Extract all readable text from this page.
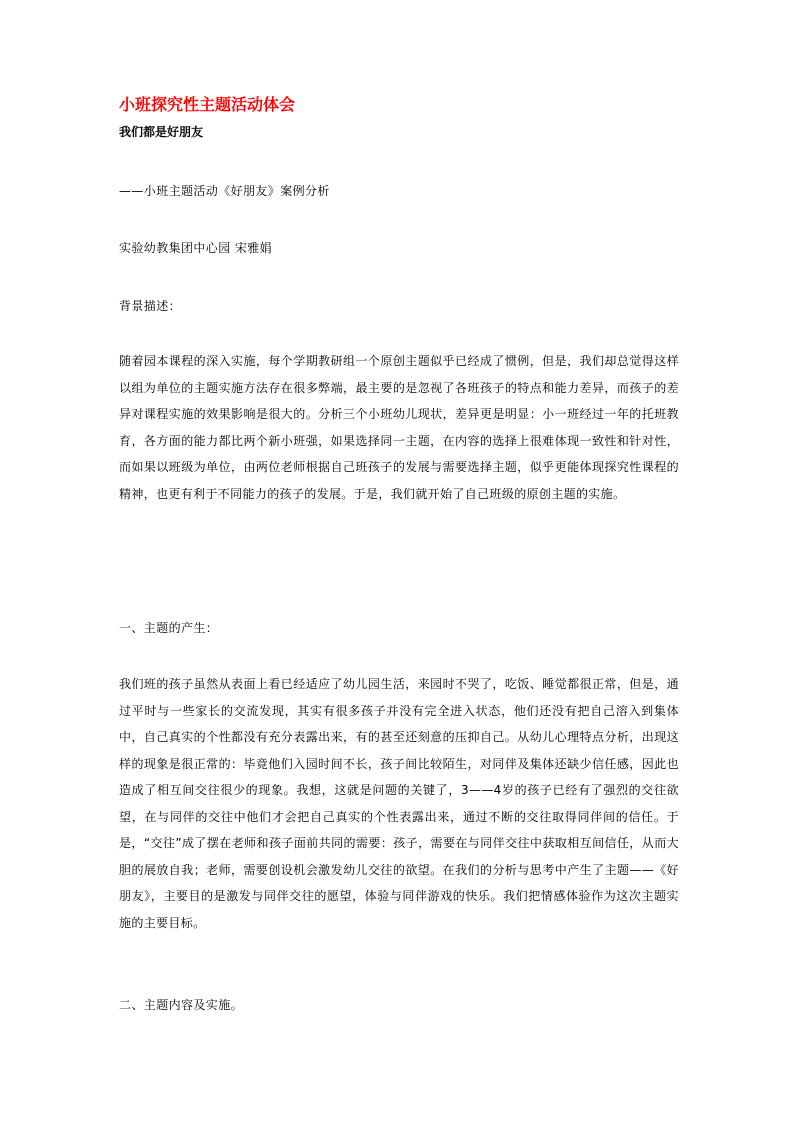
小班探究性主题活动体会
我们都是好朋友
——小班主题活动《好朋友》案例分析
实验幼教集团中心园 宋雅娟
背景描述：
随着园本课程的深入实施，每个学期教研组一个原创主题似乎已经成了惯例，但是，我们却总觉得这样以组为单位的主题实施方法存在很多弊端，最主要的是忽视了各班孩子的特点和能力差异，而孩子的差异对课程实施的效果影响是很大的。分析三个小班幼儿现状，差异更是明显：小一班经过一年的托班教育，各方面的能力都比两个新小班强，如果选择同一主题，在内容的选择上很难体现一致性和针对性，而如果以班级为单位，由两位老师根据自己班孩子的发展与需要选择主题，似乎更能体现探究性课程的精神，也更有利于不同能力的孩子的发展。于是，我们就开始了自己班级的原创主题的实施。
一、主题的产生：
我们班的孩子虽然从表面上看已经适应了幼儿园生活，来园时不哭了，吃饭、睡觉都很正常，但是，通过平时与一些家长的交流发现，其实有很多孩子并没有完全进入状态，他们还没有把自己溶入到集体中，自己真实的个性都没有充分表露出来，有的甚至还刻意的压抑自己。从幼儿心理特点分析，出现这样的现象是很正常的：毕竟他们入园时间不长，孩子间比较陌生，对同伴及集体还缺少信任感，因此也造成了相互间交往很少的现象。我想，这就是问题的关键了，3——4岁的孩子已经有了强烈的交往欲望，在与同伴的交往中他们才会把自己真实的个性表露出来，通过不断的交往取得同伴间的信任。于是，“交往”成了摆在老师和孩子面前共同的需要：孩子，需要在与同伴交往中获取相互间信任，从而大胆的展放自我；老师，需要创设机会激发幼儿交往的欲望。在我们的分析与思考中产生了主题——《好朋友》，主要目的是激发与同伴交往的愿望，体验与同伴游戏的快乐。我们把情感体验作为这次主题实施的主要目标。
二、主题内容及实施。
